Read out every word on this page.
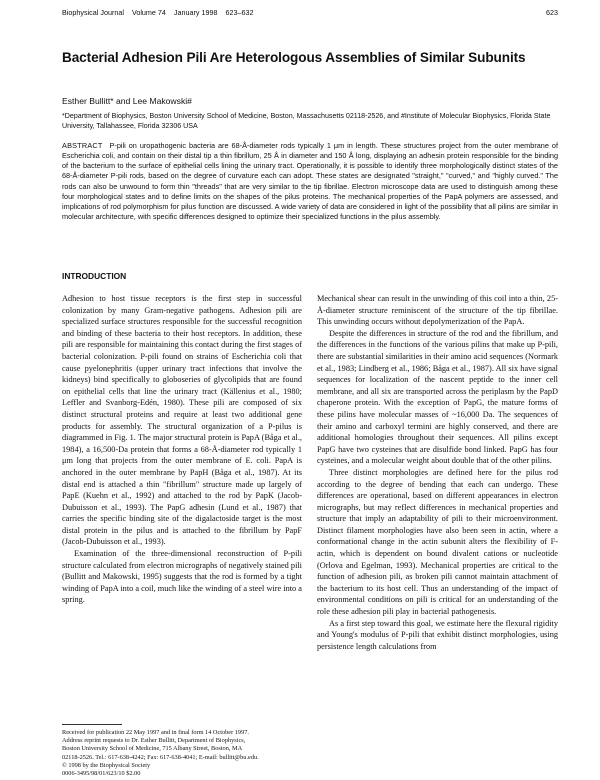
Biophysical Journal Volume 74 January 1998 623–632	623
Bacterial Adhesion Pili Are Heterologous Assemblies of Similar Subunits
Esther Bullitt* and Lee Makowski#
*Department of Biophysics, Boston University School of Medicine, Boston, Massachusetts 02118-2526, and #Institute of Molecular Biophysics, Florida State University, Tallahassee, Florida 32306 USA
ABSTRACT P-pili on uropathogenic bacteria are 68-Å-diameter rods typically 1 μm in length. These structures project from the outer membrane of Escherichia coli, and contain on their distal tip a thin fibrillum, 25 Å in diameter and 150 Å long, displaying an adhesin protein responsible for the binding of the bacterium to the surface of epithelial cells lining the urinary tract. Operationally, it is possible to identify three morphologically distinct states of the 68-Å-diameter P-pili rods, based on the degree of curvature each can adopt. These states are designated "straight," "curved," and "highly curved." The rods can also be unwound to form thin "threads" that are very similar to the tip fibrillae. Electron microscope data are used to distinguish among these four morphological states and to define limits on the shapes of the pilus proteins. The mechanical properties of the PapA polymers are assessed, and implications of rod polymorphism for pilus function are discussed. A wide variety of data are considered in light of the possibility that all pilins are similar in molecular architecture, with specific differences designed to optimize their specialized functions in the pilus assembly.
INTRODUCTION

Adhesion to host tissue receptors is the first step in successful colonization by many Gram-negative pathogens. Adhesion pili are specialized surface structures responsible for the successful recognition and binding of these bacteria to their host receptors. In addition, these pili are responsible for maintaining this contact during the first stages of bacterial colonization. P-pili found on strains of Escherichia coli that cause pyelonephritis (upper urinary tract infections that involve the kidneys) bind specifically to globoseries of glycolipids that are found on epithelial cells that line the urinary tract (Källenius et al., 1980; Leffler and Svanborg-Edén, 1980). These pili are composed of six distinct structural proteins and require at least two additional gene products for assembly. The structural organization of a P-pilus is diagrammed in Fig. 1. The major structural protein is PapA (Båga et al., 1984), a 16,500-Da protein that forms a 68-Å-diameter rod typically 1 μm long that projects from the outer membrane of E. coli. PapA is anchored in the outer membrane by PapH (Båga et al., 1987). At its distal end is attached a thin "fibrillum" structure made up largely of PapE (Kuehn et al., 1992) and attached to the rod by PapK (Jacob-Dubuisson et al., 1993). The PapG adhesin (Lund et al., 1987) that carries the specific binding site of the digalactoside target is the most distal protein in the pilus and is attached to the fibrillum by PapF (Jacob-Dubuisson et al., 1993).

Examination of the three-dimensional reconstruction of P-pili structure calculated from electron micrographs of negatively stained pili (Bullitt and Makowski, 1995) suggests that the rod is formed by a tight winding of PapA into a coil, much like the winding of a steel wire into a spring.

Mechanical shear can result in the unwinding of this coil into a thin, 25-Å-diameter structure reminiscent of the structure of the tip fibrillae. This unwinding occurs without depolymerization of the PapA.

Despite the differences in structure of the rod and the fibrillum, and the differences in the functions of the various pilins that make up P-pili, there are substantial similarities in their amino acid sequences (Normark et al., 1983; Lindberg et al., 1986; Båga et al., 1987). All six have signal sequences for localization of the nascent peptide to the inner cell membrane, and all six are transported across the periplasm by the PapD chaperone protein. With the exception of PapG, the mature forms of these pilins have molecular masses of ~16,000 Da. The sequences of their amino and carboxyl termini are highly conserved, and there are additional homologies throughout their sequences. All pilins except PapG have two cysteines that are disulfide bond linked. PapG has four cysteines, and a molecular weight about double that of the other pilins.

Three distinct morphologies are defined here for the pilus rod according to the degree of bending that each can undergo. These differences are operational, based on different appearances in electron micrographs, but may reflect differences in mechanical properties and structure that imply an adaptability of pili to their microenvironment. Distinct filament morphologies have also been seen in actin, where a conformational change in the actin subunit alters the flexibility of F-actin, which is dependent on bound divalent cations or nucleotide (Orlova and Egelman, 1993). Mechanical properties are critical to the function of adhesion pili, as broken pili cannot maintain attachment of the bacterium to its host cell. Thus an understanding of the impact of environmental conditions on pili is critical for an understanding of the role these adhesion pili play in bacterial pathogenesis.

As a first step toward this goal, we estimate here the flexural rigidity and Young's modulus of P-pili that exhibit distinct morphologies, using persistence length calculations from

Received for publication 22 May 1997 and in final form 14 October 1997.
Address reprint requests to Dr. Esther Bullitt, Department of Biophysics,
Boston University School of Medicine, 715 Albany Street, Boston, MA
02118-2526. Tel.: 617-638-4242; Fax: 617-638-4041; E-mail: bullitt@bu.edu.
© 1998 by the Biophysical Society
0006-3495/98/01/623/10 $2.00
